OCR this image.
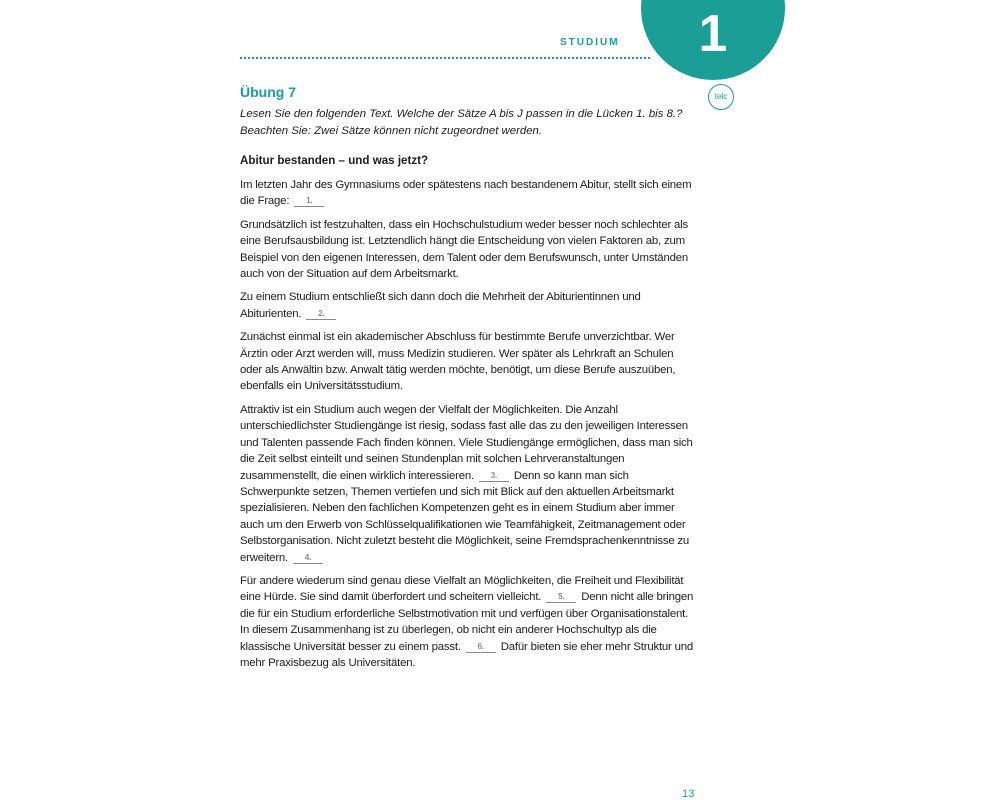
1
STUDIUM
telc
Übung 7
Lesen Sie den folgenden Text. Welche der Sätze A bis J passen in die Lücken 1. bis 8.? Beachten Sie: Zwei Sätze können nicht zugeordnet werden.
Abitur bestanden – und was jetzt?

Im letzten Jahr des Gymnasiums oder spätestens nach bestandenem Abitur, stellt sich einem die Frage: 1.

Grundsätzlich ist festzuhalten, dass ein Hochschulstudium weder besser noch schlechter als eine Berufsausbildung ist. Letztendlich hängt die Entscheidung von vielen Faktoren ab, zum Beispiel von den eigenen Interessen, dem Talent oder dem Berufswunsch, unter Umständen auch von der Situation auf dem Arbeitsmarkt.

Zu einem Studium entschließt sich dann doch die Mehrheit der Abiturientinnen und Abiturienten. 2.

Zunächst einmal ist ein akademischer Abschluss für bestimmte Berufe unverzichtbar. Wer Ärztin oder Arzt werden will, muss Medizin studieren. Wer später als Lehrkraft an Schulen oder als Anwältin bzw. Anwalt tätig werden möchte, benötigt, um diese Berufe auszuüben, ebenfalls ein Universitätsstudium.

Attraktiv ist ein Studium auch wegen der Vielfalt der Möglichkeiten. Die Anzahl unterschiedlichster Studiengänge ist riesig, sodass fast alle das zu den jeweiligen Interessen und Talenten passende Fach finden können. Viele Studiengänge ermöglichen, dass man sich die Zeit selbst einteilt und seinen Stundenplan mit solchen Lehrveranstaltungen zusammenstellt, die einen wirklich interessieren. 3. Denn so kann man sich Schwerpunkte setzen, Themen vertiefen und sich mit Blick auf den aktuellen Arbeitsmarkt spezialisieren. Neben den fachlichen Kompetenzen geht es in einem Studium aber immer auch um den Erwerb von Schlüsselqualifikationen wie Teamfähigkeit, Zeitmanagement oder Selbstorganisation. Nicht zuletzt besteht die Möglichkeit, seine Fremdsprachenkenntnisse zu erweitern. 4.

Für andere wiederum sind genau diese Vielfalt an Möglichkeiten, die Freiheit und Flexibilität eine Hürde. Sie sind damit überfordert und scheitern vielleicht. 5. Denn nicht alle bringen die für ein Studium erforderliche Selbstmotivation mit und verfügen über Organisationstalent. In diesem Zusammenhang ist zu überlegen, ob nicht ein anderer Hochschultyp als die klassische Universität besser zu einem passt. 6. Dafür bieten sie eher mehr Struktur und mehr Praxisbezug als Universitäten.

13
